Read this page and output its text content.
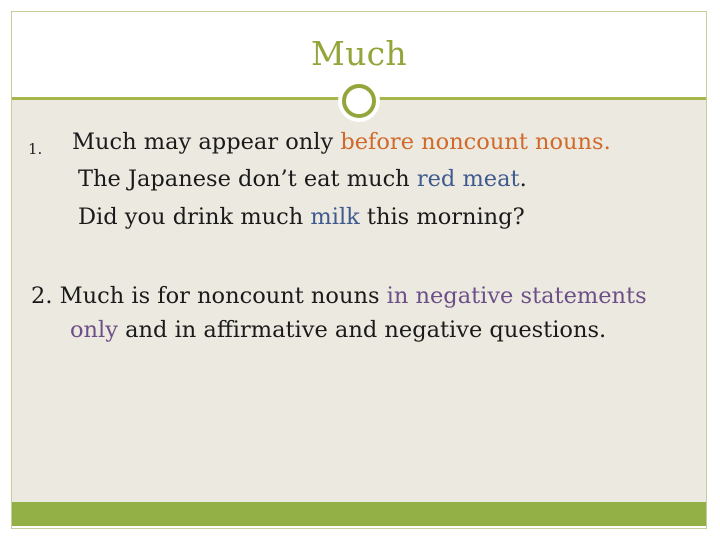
Much
1. Much may appear only before noncount nouns.
The Japanese don’t eat much red meat.
Did you drink much milk this morning?
2. Much is for noncount nouns in negative statements
only and in affirmative and negative questions.
